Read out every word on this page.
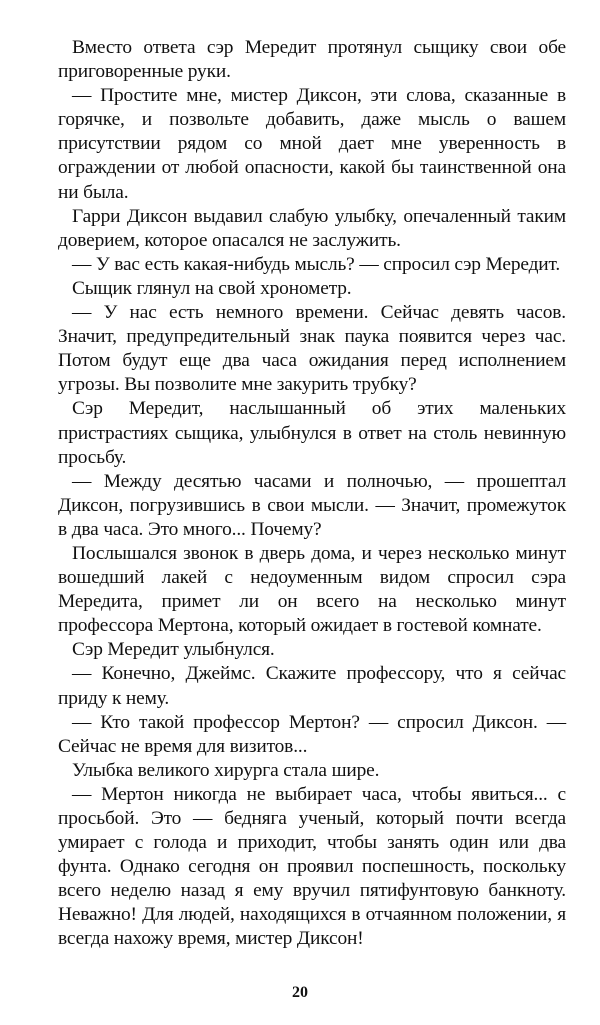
Вместо ответа сэр Мередит протянул сыщику свои обе приговоренные руки.

— Простите мне, мистер Диксон, эти слова, сказанные в горячке, и позвольте добавить, даже мысль о вашем присутствии рядом со мной дает мне уверенность в ограждении от любой опасности, какой бы таинственной она ни была.

Гарри Диксон выдавил слабую улыбку, опечаленный таким доверием, которое опасался не заслужить.

— У вас есть какая-нибудь мысль? — спросил сэр Мередит.

Сыщик глянул на свой хронометр.

— У нас есть немного времени. Сейчас девять часов. Значит, предупредительный знак паука появится через час. Потом будут еще два часа ожидания перед исполнением угрозы. Вы позволите мне закурить трубку?

Сэр Мередит, наслышанный об этих маленьких пристрастиях сыщика, улыбнулся в ответ на столь невинную просьбу.

— Между десятью часами и полночью, — прошептал Диксон, погрузившись в свои мысли. — Значит, промежуток в два часа. Это много... Почему?

Послышался звонок в дверь дома, и через несколько минут вошедший лакей с недоуменным видом спросил сэра Мередита, примет ли он всего на несколько минут профессора Мертона, который ожидает в гостевой комнате.

Сэр Мередит улыбнулся.

— Конечно, Джеймс. Скажите профессору, что я сейчас приду к нему.

— Кто такой профессор Мертон? — спросил Диксон. — Сейчас не время для визитов...

Улыбка великого хирурга стала шире.

— Мертон никогда не выбирает часа, чтобы явиться... с просьбой. Это — бедняга ученый, который почти всегда умирает с голода и приходит, чтобы занять один или два фунта. Однако сегодня он проявил поспешность, поскольку всего неделю назад я ему вручил пятифунтовую банкноту. Неважно! Для людей, находящихся в отчаянном положении, я всегда нахожу время, мистер Диксон!

20
